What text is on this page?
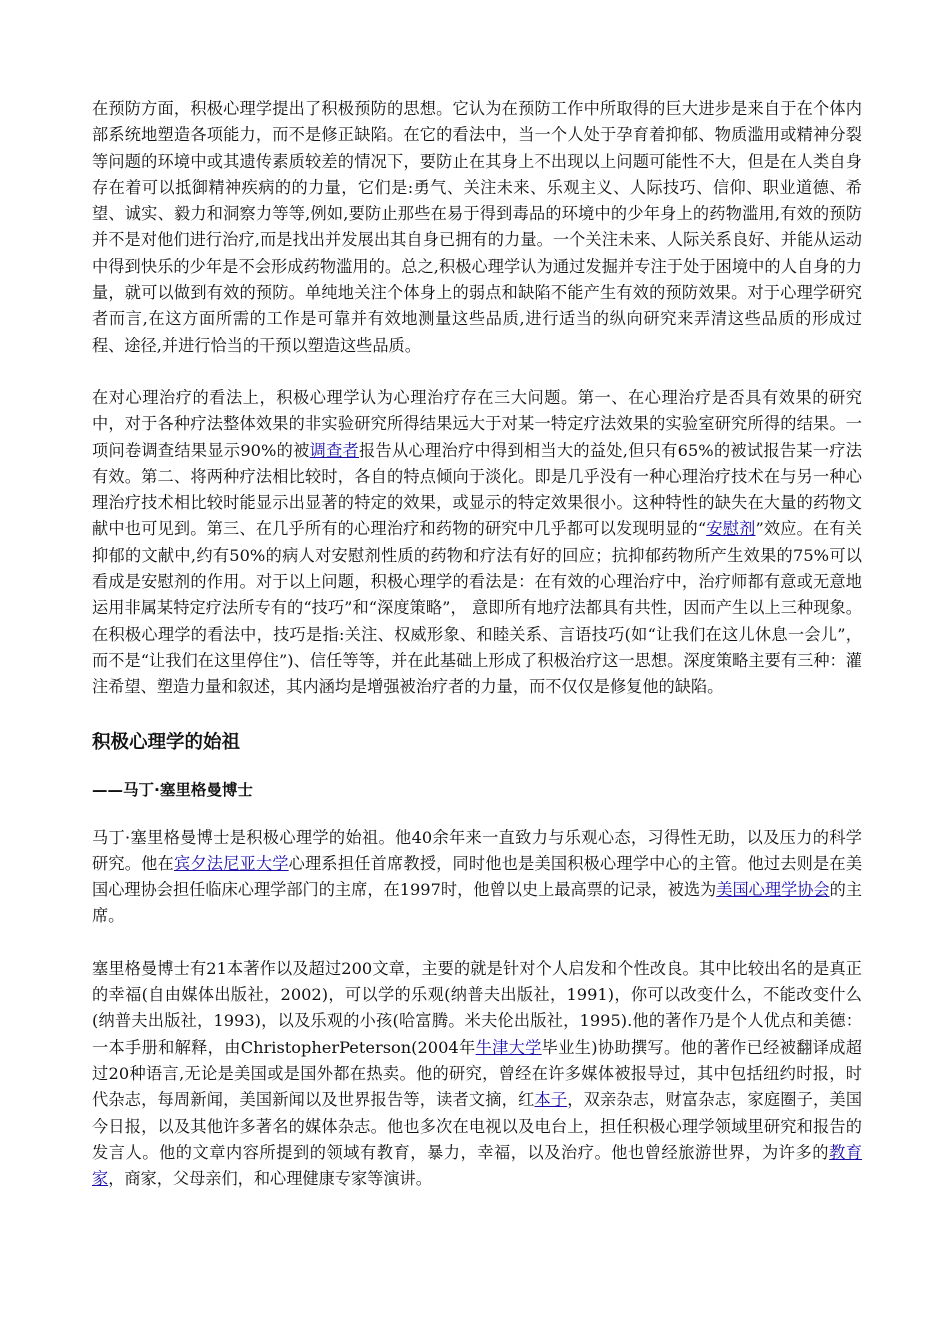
在预防方面，积极心理学提出了积极预防的思想。它认为在预防工作中所取得的巨大进步是来自于在个体内部系统地塑造各项能力，而不是修正缺陷。在它的看法中，当一个人处于孕育着抑郁、物质滥用或精神分裂等问题的环境中或其遗传素质较差的情况下，要防止在其身上不出现以上问题可能性不大，但是在人类自身存在着可以抵御精神疾病的的力量，它们是:勇气、关注未来、乐观主义、人际技巧、信仰、职业道德、希望、诚实、毅力和洞察力等等,例如,要防止那些在易于得到毒品的环境中的少年身上的药物滥用,有效的预防并不是对他们进行治疗,而是找出并发展出其自身已拥有的力量。一个关注未来、人际关系良好、并能从运动中得到快乐的少年是不会形成药物滥用的。总之,积极心理学认为通过发掘并专注于处于困境中的人自身的力量，就可以做到有效的预防。单纯地关注个体身上的弱点和缺陷不能产生有效的预防效果。对于心理学研究者而言,在这方面所需的工作是可靠并有效地测量这些品质,进行适当的纵向研究来弄清这些品质的形成过程、途径,并进行恰当的干预以塑造这些品质。

在对心理治疗的看法上，积极心理学认为心理治疗存在三大问题。第一、在心理治疗是否具有效果的研究中，对于各种疗法整体效果的非实验研究所得结果远大于对某一特定疗法效果的实验室研究所得的结果。一项问卷调查结果显示90%的被调查者报告从心理治疗中得到相当大的益处,但只有65%的被试报告某一疗法有效。第二、将两种疗法相比较时，各自的特点倾向于淡化。即是几乎没有一种心理治疗技术在与另一种心理治疗技术相比较时能显示出显著的特定的效果，或显示的特定效果很小。这种特性的缺失在大量的药物文献中也可见到。第三、在几乎所有的心理治疗和药物的研究中几乎都可以发现明显的“安慰剂”效应。在有关抑郁的文献中,约有50%的病人对安慰剂性质的药物和疗法有好的回应；抗抑郁药物所产生效果的75%可以看成是安慰剂的作用。对于以上问题，积极心理学的看法是：在有效的心理治疗中，治疗师都有意或无意地运用非属某特定疗法所专有的“技巧”和“深度策略”， 意即所有地疗法都具有共性，因而产生以上三种现象。在积极心理学的看法中，技巧是指:关注、权威形象、和睦关系、言语技巧(如“让我们在这儿休息一会儿”，而不是“让我们在这里停住”)、信任等等，并在此基础上形成了积极治疗这一思想。深度策略主要有三种：灌注希望、塑造力量和叙述，其内涵均是增强被治疗者的力量，而不仅仅是修复他的缺陷。

积极心理学的始祖
——马丁·塞里格曼博士

马丁·塞里格曼博士是积极心理学的始祖。他40余年来一直致力与乐观心态，习得性无助，以及压力的科学研究。他在宾夕法尼亚大学心理系担任首席教授，同时他也是美国积极心理学中心的主管。他过去则是在美国心理协会担任临床心理学部门的主席，在1997时，他曾以史上最高票的记录，被选为美国心理学协会的主席。

塞里格曼博士有21本著作以及超过200文章，主要的就是针对个人启发和个性改良。其中比较出名的是真正的幸福(自由媒体出版社，2002)，可以学的乐观(纳普夫出版社，1991)，你可以改变什么，不能改变什么(纳普夫出版社，1993)，以及乐观的小孩(哈富腾。米夫伦出版社，1995).他的著作乃是个人优点和美德：一本手册和解释，由ChristopherPeterson(2004年牛津大学毕业生)协助撰写。他的著作已经被翻译成超过20种语言,无论是美国或是国外都在热卖。他的研究，曾经在许多媒体被报导过，其中包括纽约时报，时代杂志，每周新闻，美国新闻以及世界报告等，读者文摘，红本子，双亲杂志，财富杂志，家庭圈子，美国今日报，以及其他许多著名的媒体杂志。他也多次在电视以及电台上，担任积极心理学领域里研究和报告的发言人。他的文章内容所提到的领域有教育，暴力，幸福，以及治疗。他也曾经旅游世界，为许多的教育家，商家，父母亲们，和心理健康专家等演讲。
